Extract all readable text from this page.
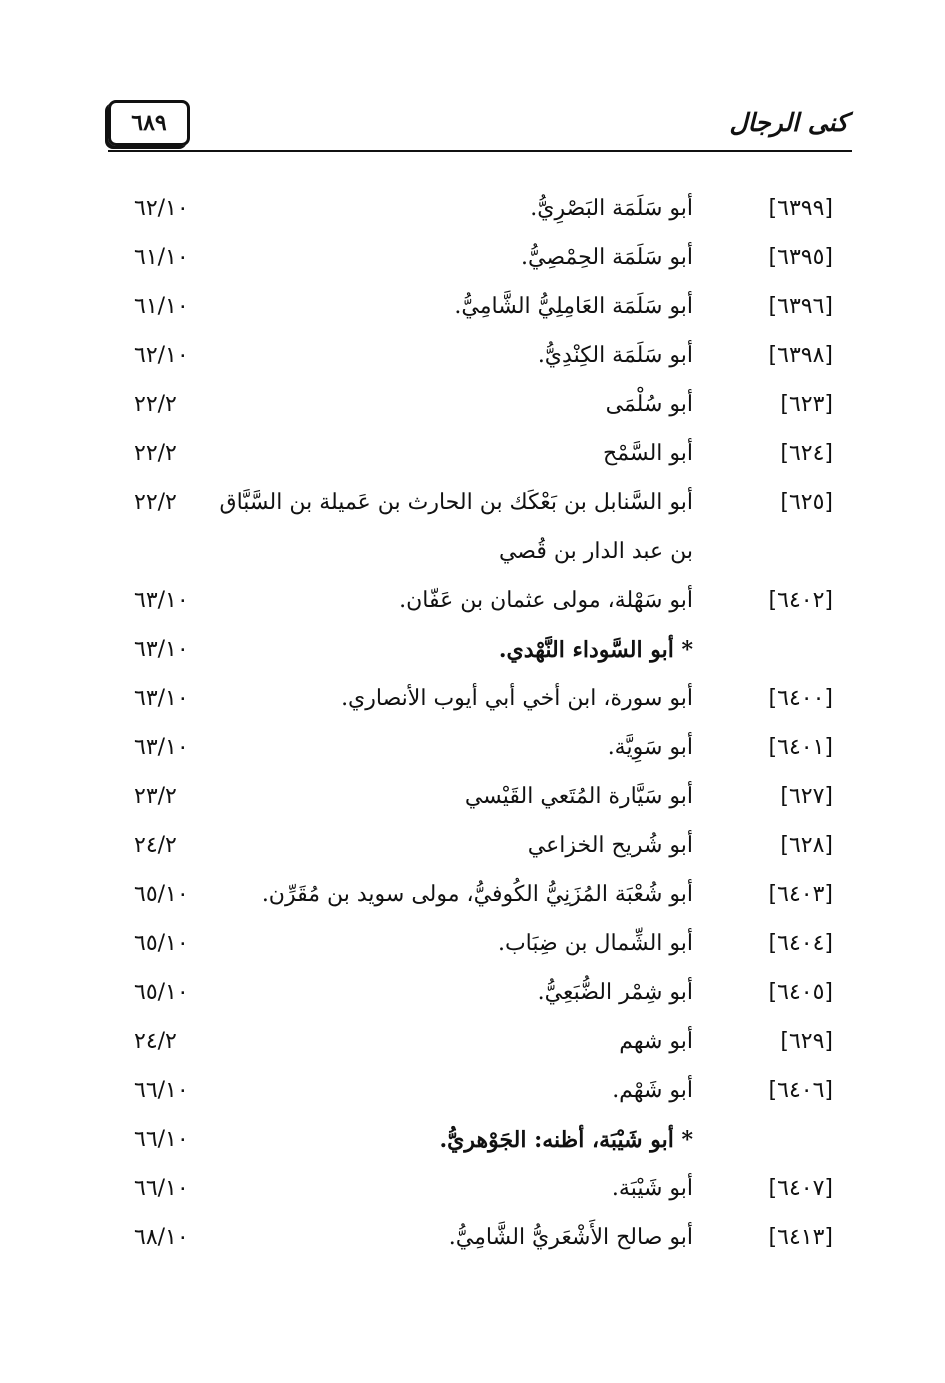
٦٨٩	كنى الرجال
[٦٣٩٩]
أبو سَلَمَة البَصْرِيُّ.
٦٢/١٠
[٦٣٩٥]
أبو سَلَمَة الحِمْصِيُّ.
٦١/١٠
[٦٣٩٦]
أبو سَلَمَة العَامِلِيُّ الشَّامِيُّ.
٦١/١٠
[٦٣٩٨]
أبو سَلَمَة الكِنْدِيُّ.
٦٢/١٠
[٦٢٣]
أبو سُلْمَى
٢٢/٢
[٦٢٤]
أبو السَّمْح
٢٢/٢
[٦٢٥]
أبو السَّنابل بن بَعْكَك بن الحارث بن عَميلة بن السَّبَّاق
٢٢/٢
بن عبد الدار بن قُصي
[٦٤٠٢]
أبو سَهْلة، مولى عثمان بن عَفّان.
٦٣/١٠
* أبو السَّوداء النَّهْدي.
٦٣/١٠
[٦٤٠٠]
أبو سورة، ابن أخي أبي أيوب الأنصاري.
٦٣/١٠
[٦٤٠١]
أبو سَوِيَّة.
٦٣/١٠
[٦٢٧]
أبو سَيَّارة المُتَعي القَيْسي
٢٣/٢
[٦٢٨]
أبو شُريح الخزاعي
٢٤/٢
[٦٤٠٣]
أبو شُعْبَة المُزَنِيُّ الكُوفيُّ، مولى سويد بن مُقَرِّن.
٦٥/١٠
[٦٤٠٤]
أبو الشِّمال بن ضِبَاب.
٦٥/١٠
[٦٤٠٥]
أبو شِمْر الضُّبَعِيُّ.
٦٥/١٠
[٦٢٩]
أبو شهم
٢٤/٢
[٦٤٠٦]
أبو شَهْم.
٦٦/١٠
* أبو شَيْبَة، أظنه: الجَوْهريُّ.
٦٦/١٠
[٦٤٠٧]
أبو شَيْبَة.
٦٦/١٠
[٦٤١٣]
أبو صالح الأَشْعَريُّ الشَّامِيُّ.
٦٨/١٠
